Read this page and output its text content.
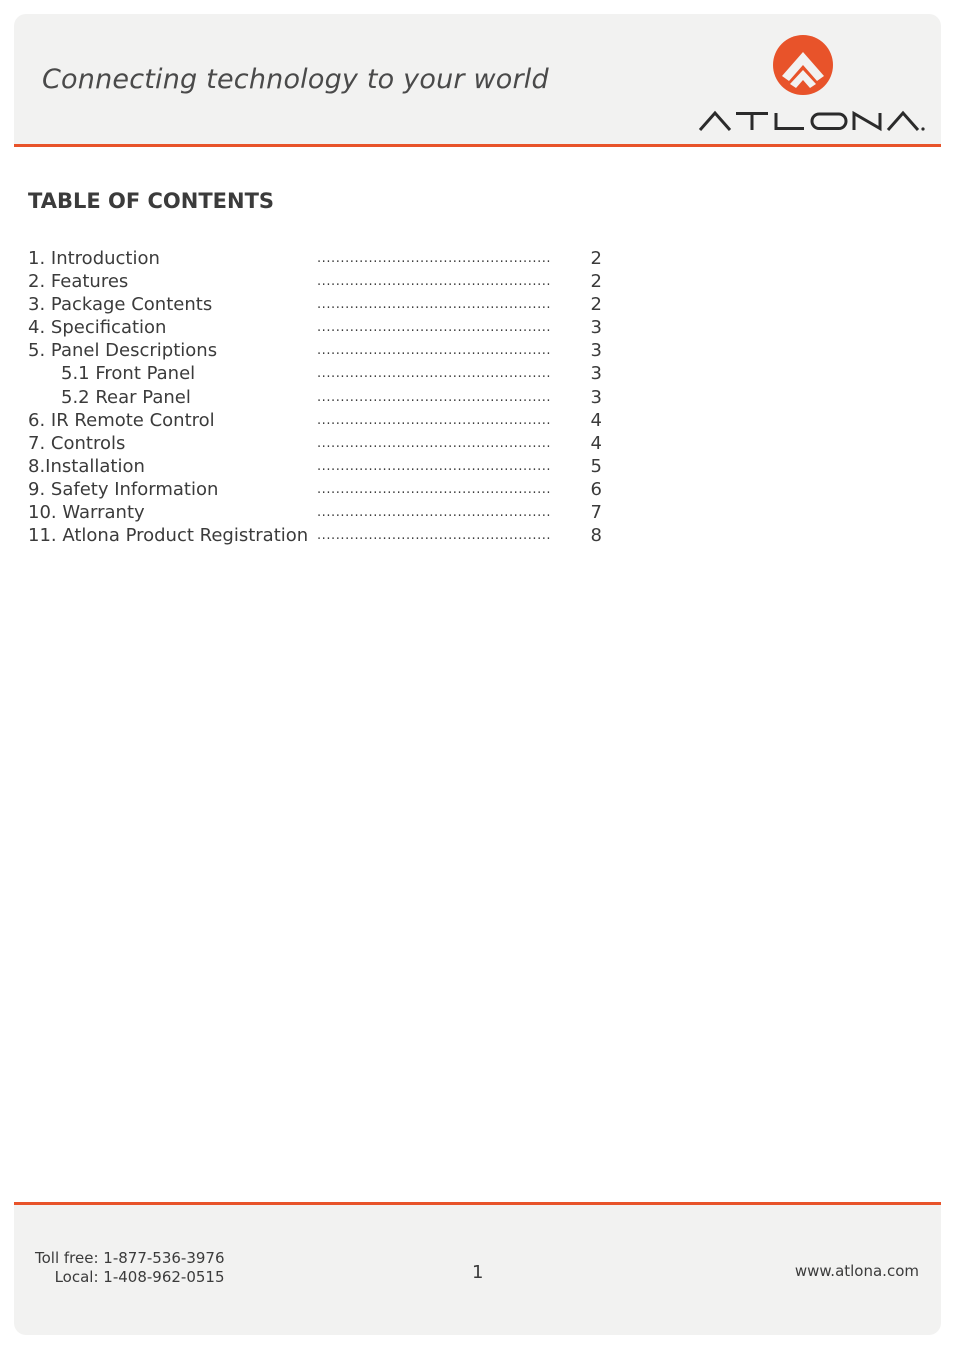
Connecting technology to your world
TABLE OF CONTENTS
1. Introduction	..................................................	2
2. Features	..................................................	2
3. Package Contents	..................................................	2
4. Specification	..................................................	3
5. Panel Descriptions	..................................................	3
5.1 Front Panel	..................................................	3
5.2 Rear Panel	..................................................	3
6. IR Remote Control	..................................................	4
7. Controls	..................................................	4
8.Installation	..................................................	5
9. Safety Information	..................................................	6
10. Warranty	..................................................	7
11. Atlona Product Registration ..................................................	8
Toll free: 1-877-536-3976
Local: 1-408-962-0515	1	www.atlona.com
